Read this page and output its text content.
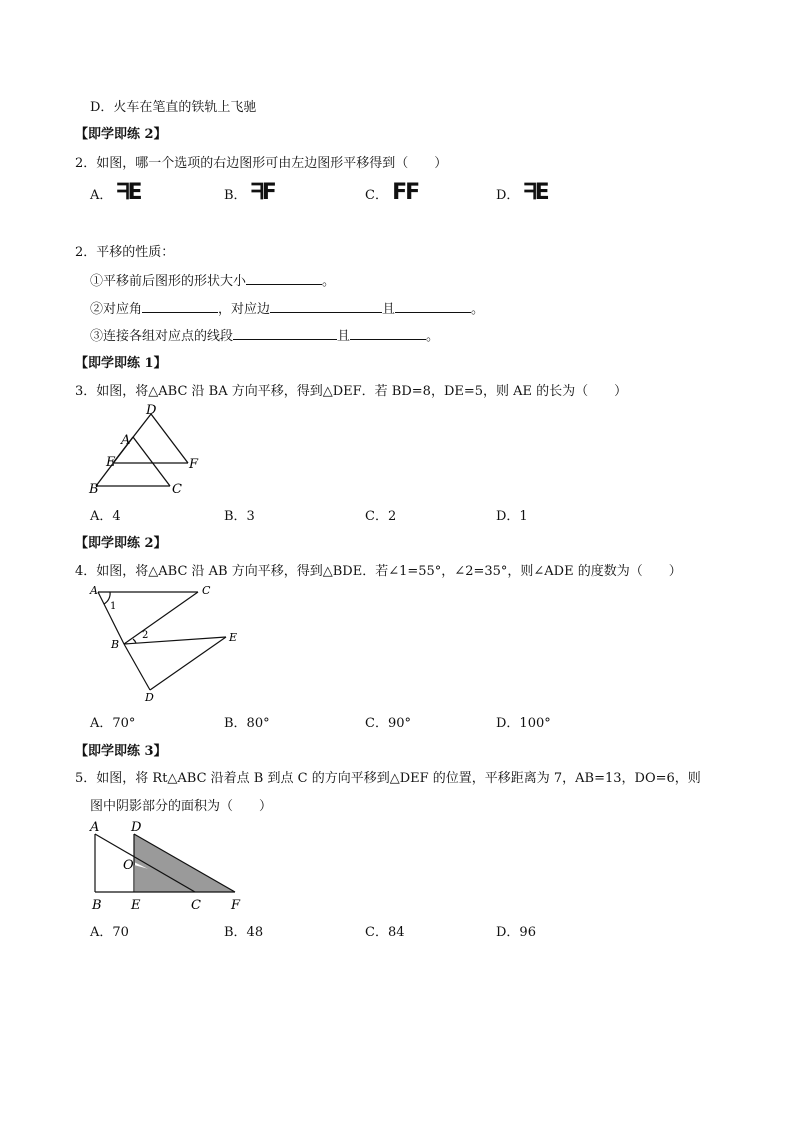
D．火车在笔直的铁轨上飞驰
【即学即练 2】
2．如图，哪一个选项的右边图形可由左边图形平移得到（　　）
A． ᖷE	B． ᖷF	C． FF	D． ᖷE
2．平移的性质：
①平移前后图形的形状大小	。
②对应角	，对应边	且	。
③连接各组对应点的线段	且	。
【即学即练 1】
3．如图，将△ABC 沿 BA 方向平移，得到△DEF．若 BD=8，DE=5，则 AE 的长为（　　）
D
A
E	F
B	C
A．4	B．3	C．2	D．1
【即学即练 2】
4．如图，将△ABC 沿 AB 方向平移，得到△BDE．若∠1=55°，∠2=35°，则∠ADE 的度数为（　　）
A	C
B
E
D
1
2
A．70°	B．80°	C．90°	D．100°
【即学即练 3】
5．如图，将 Rt△ABC 沿着点 B 到点 C 的方向平移到△DEF 的位置，平移距离为 7，AB=13，DO=6，则
图中阴影部分的面积为（　　）
A D
O
B E	C F
A．70	B．48	C．84	D．96
